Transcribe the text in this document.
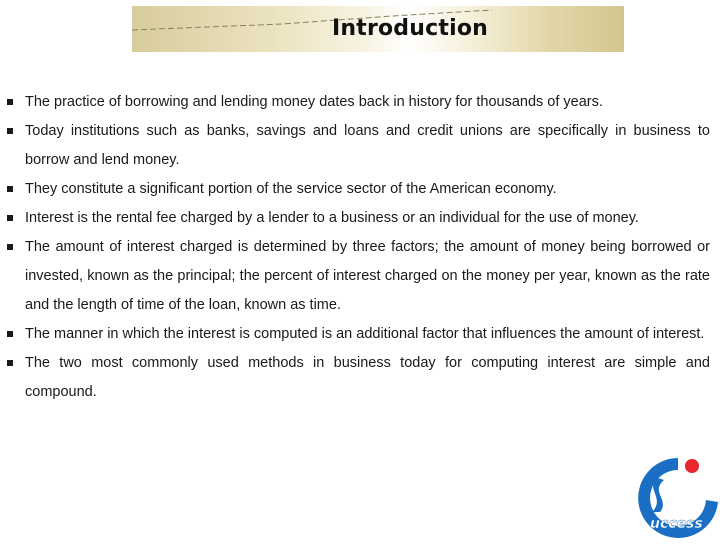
Introduction
The practice of borrowing and lending money dates back in history for thousands of years.
Today institutions such as banks, savings and loans and credit unions are specifically in business to borrow and lend money.
They constitute a significant portion of the service sector of the American economy.
Interest is the rental fee charged by a lender to a business or an individual for the use of money.
The amount of interest charged is determined by three factors; the amount of money being borrowed or invested, known as the principal; the percent of interest charged on the money per year, known as the rate and the length of time of the loan, known as time.
The manner in which the interest is computed is an additional factor that influences the amount of interest.
The two most commonly used methods in business today for computing interest are simple and compound.
uccess
